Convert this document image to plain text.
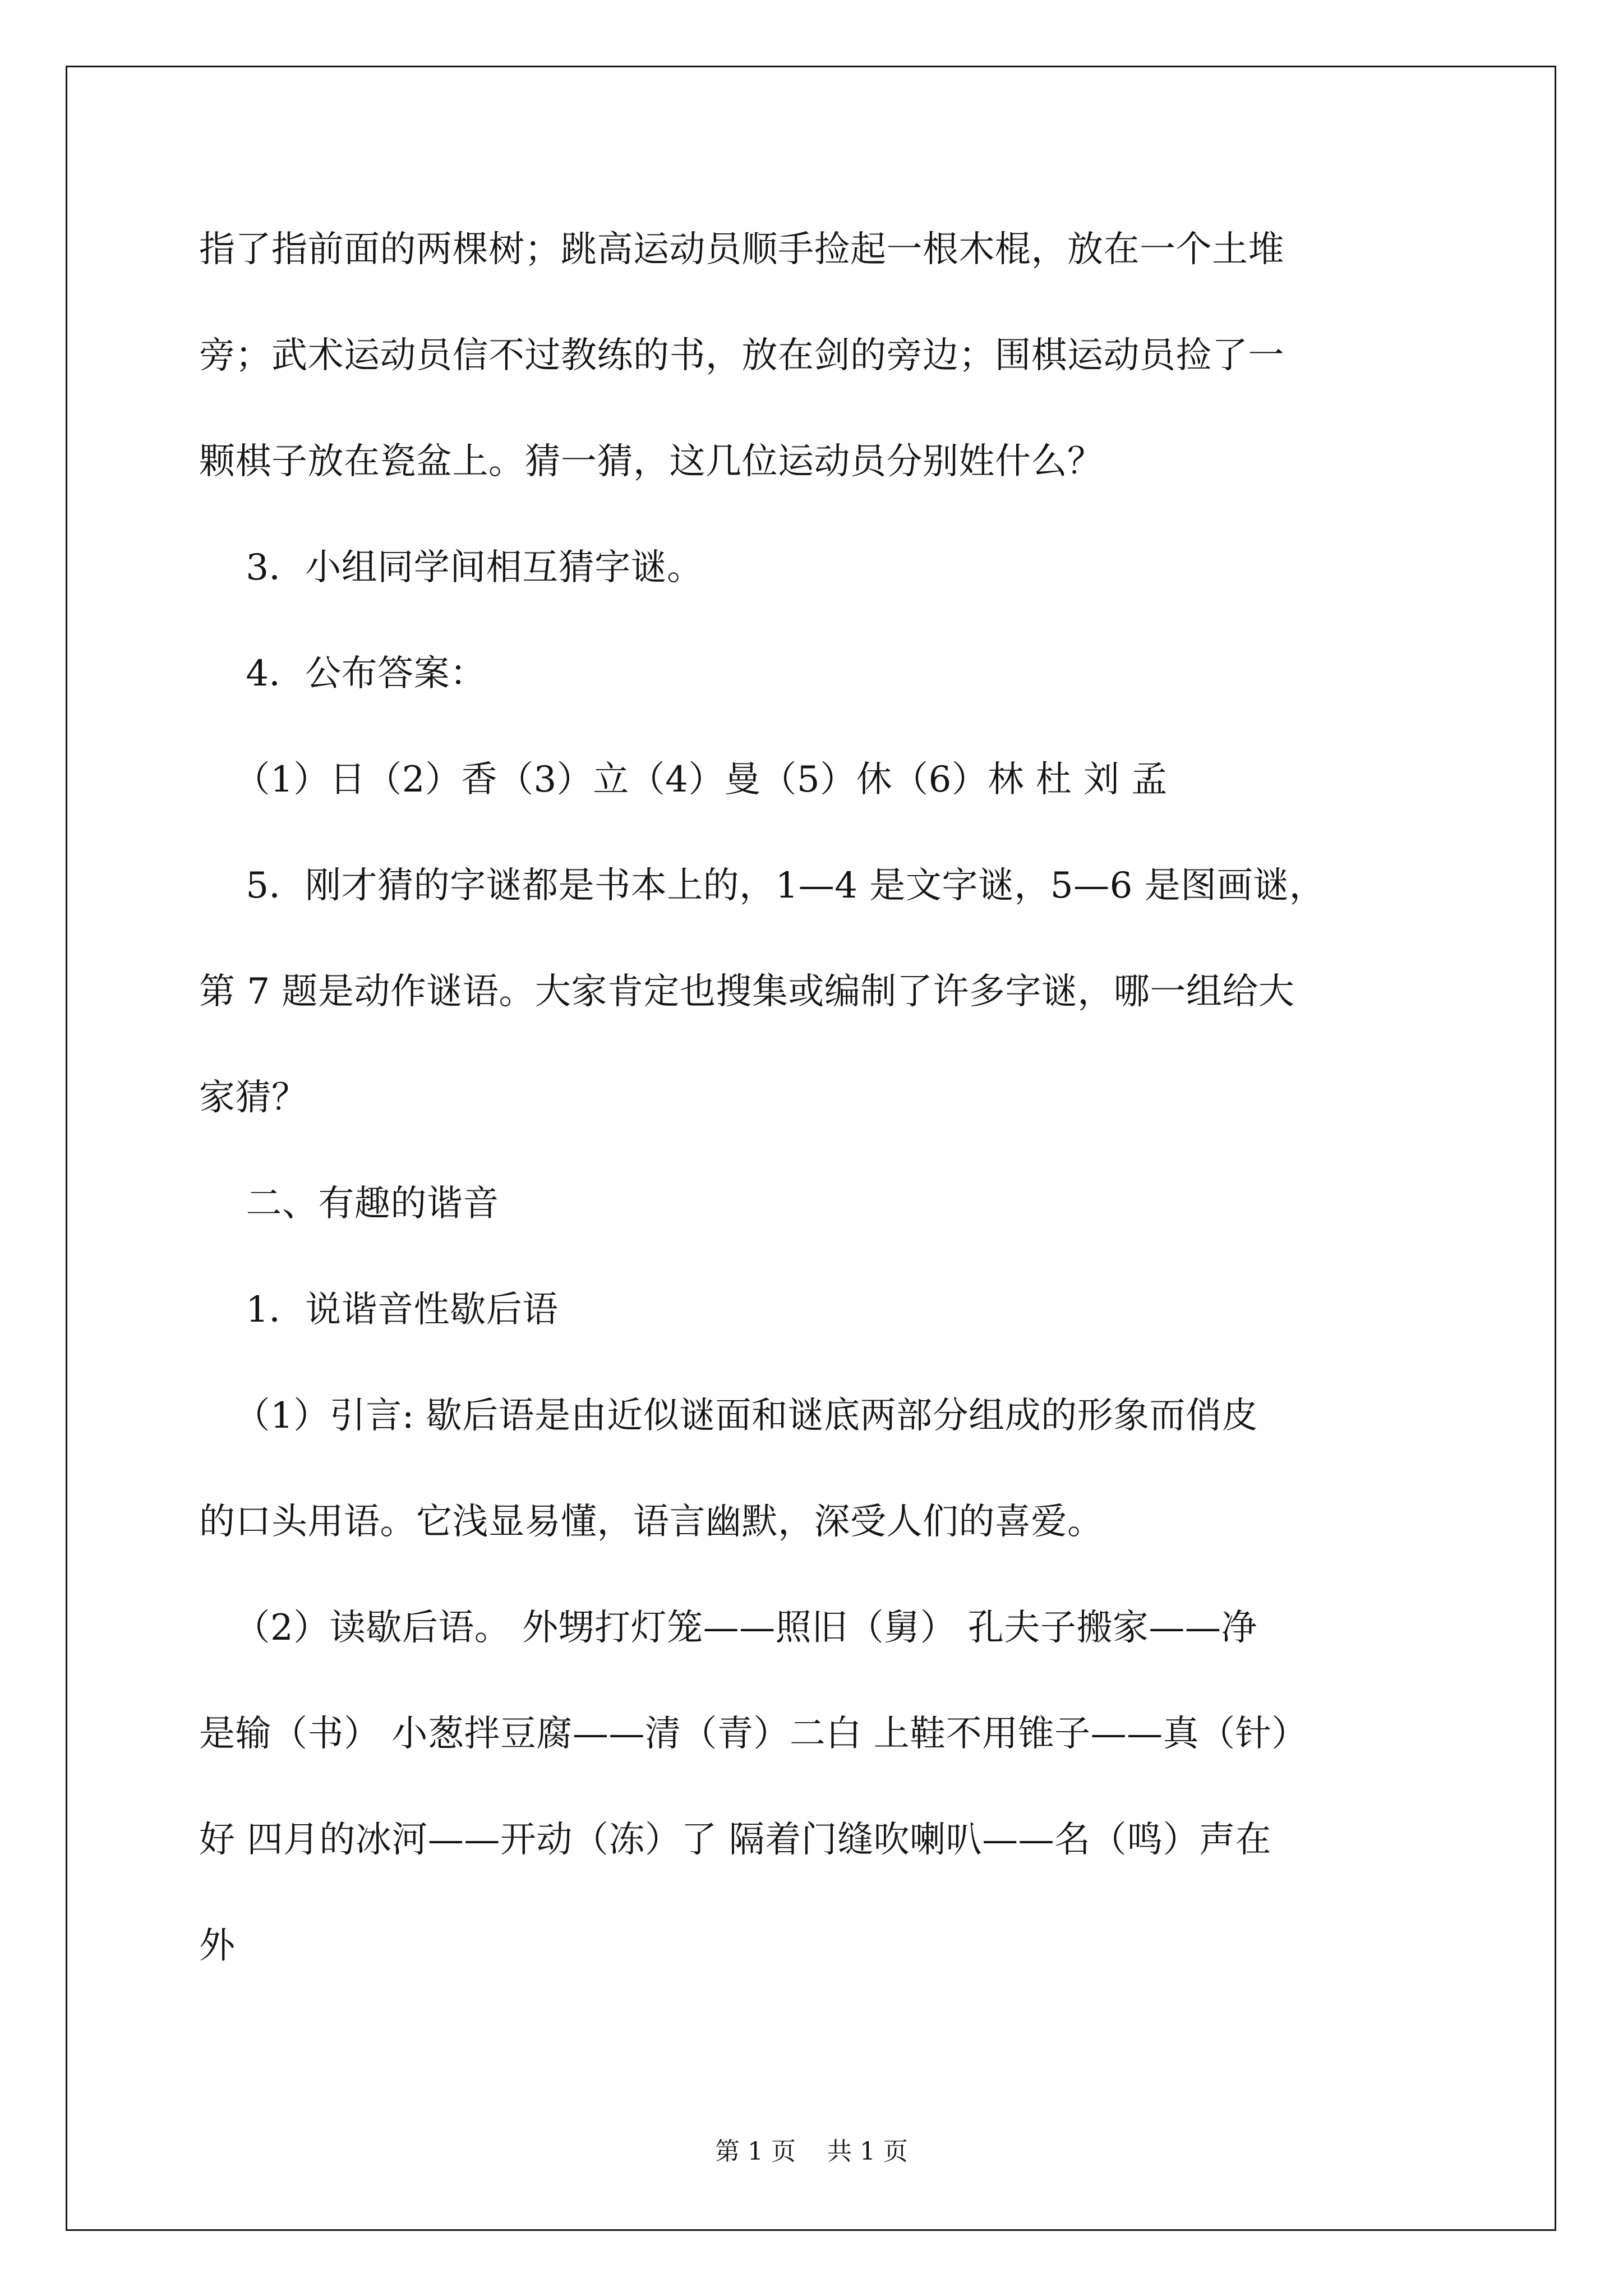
指了指前面的两棵树；跳高运动员顺手捡起一根木棍，放在一个土堆
旁；武术运动员信不过教练的书，放在剑的旁边；围棋运动员捡了一
颗棋子放在瓷盆上。猜一猜，这几位运动员分别姓什么？
3．小组同学间相互猜字谜。
4．公布答案：
（1）日（2）香（3）立（4）曼（5）休（6）林 杜 刘 孟
5．刚才猜的字谜都是书本上的，1—4 是文字谜，5—6 是图画谜，
第 7 题是动作谜语。大家肯定也搜集或编制了许多字谜，哪一组给大
家猜？
二、有趣的谐音
1．说谐音性歇后语
（1）引言: 歇后语是由近似谜面和谜底两部分组成的形象而俏皮
的口头用语。它浅显易懂，语言幽默，深受人们的喜爱。
（2）读歇后语。 外甥打灯笼——照旧（舅） 孔夫子搬家——净
是输（书） 小葱拌豆腐——清（青）二白 上鞋不用锥子——真（针）
好 四月的冰河——开动（冻）了 隔着门缝吹喇叭——名（鸣）声在
外
第 1 页    共 1 页
